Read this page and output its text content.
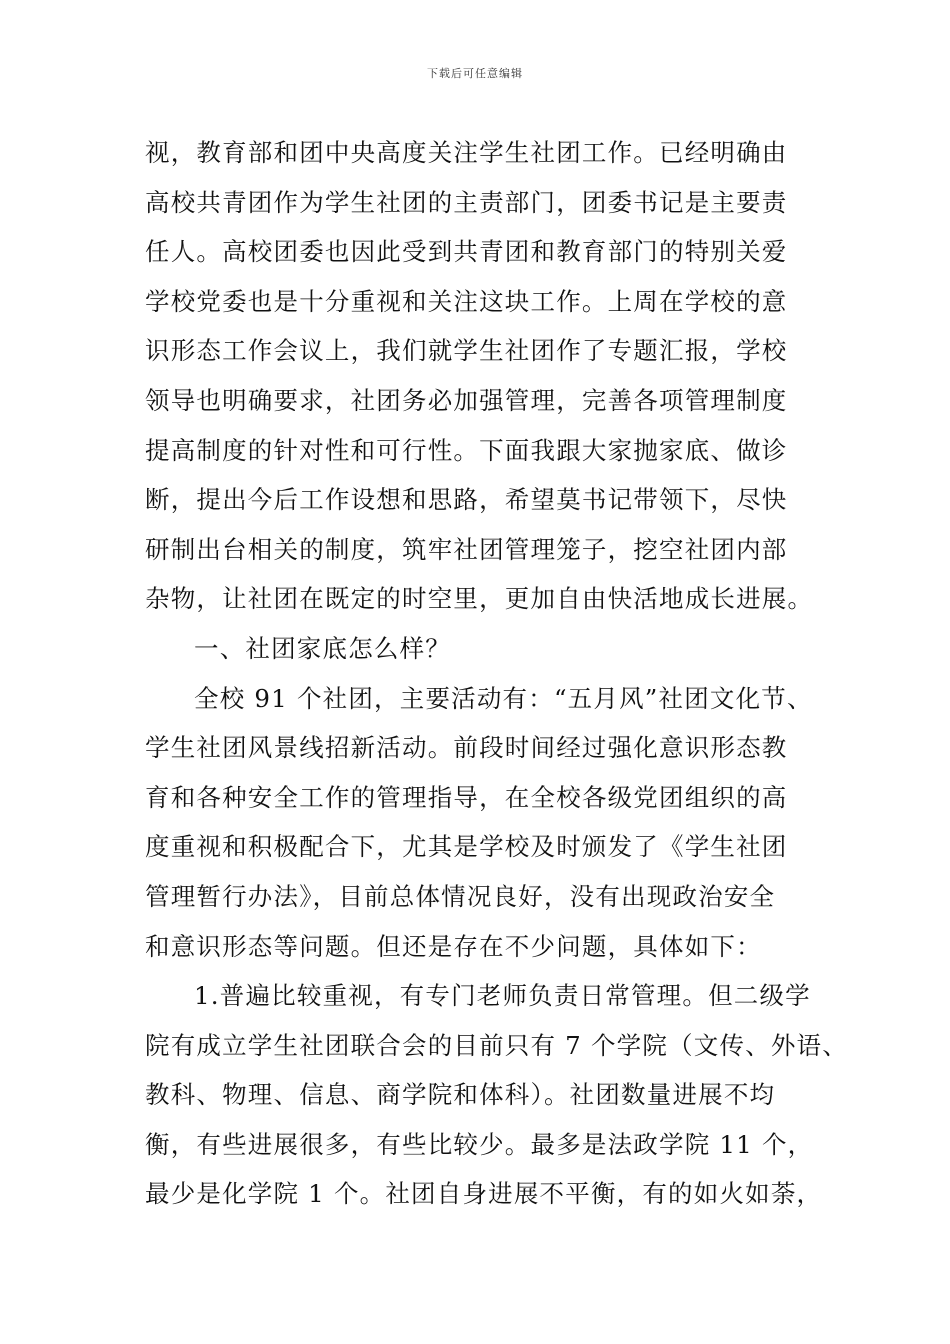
下载后可任意编辑
视，教育部和团中央高度关注学生社团工作。已经明确由
高校共青团作为学生社团的主责部门，团委书记是主要责
任人。高校团委也因此受到共青团和教育部门的特别关爱
学校党委也是十分重视和关注这块工作。上周在学校的意
识形态工作会议上，我们就学生社团作了专题汇报，学校
领导也明确要求，社团务必加强管理，完善各项管理制度
提高制度的针对性和可行性。下面我跟大家抛家底、做诊
断，提出今后工作设想和思路，希望莫书记带领下，尽快
研制出台相关的制度，筑牢社团管理笼子，挖空社团内部
杂物，让社团在既定的时空里，更加自由快活地成长进展。
一、社团家底怎么样？
全校 91 个社团，主要活动有：“五月风”社团文化节、
学生社团风景线招新活动。前段时间经过强化意识形态教
育和各种安全工作的管理指导，在全校各级党团组织的高
度重视和积极配合下，尤其是学校及时颁发了《学生社团
管理暂行办法》，目前总体情况良好，没有出现政治安全
和意识形态等问题。但还是存在不少问题，具体如下：
1.普遍比较重视，有专门老师负责日常管理。但二级学
院有成立学生社团联合会的目前只有 7 个学院（文传、外语、
教科、物理、信息、商学院和体科）。社团数量进展不均
衡，有些进展很多，有些比较少。最多是法政学院 11 个，
最少是化学院 1 个。社团自身进展不平衡，有的如火如荼，
